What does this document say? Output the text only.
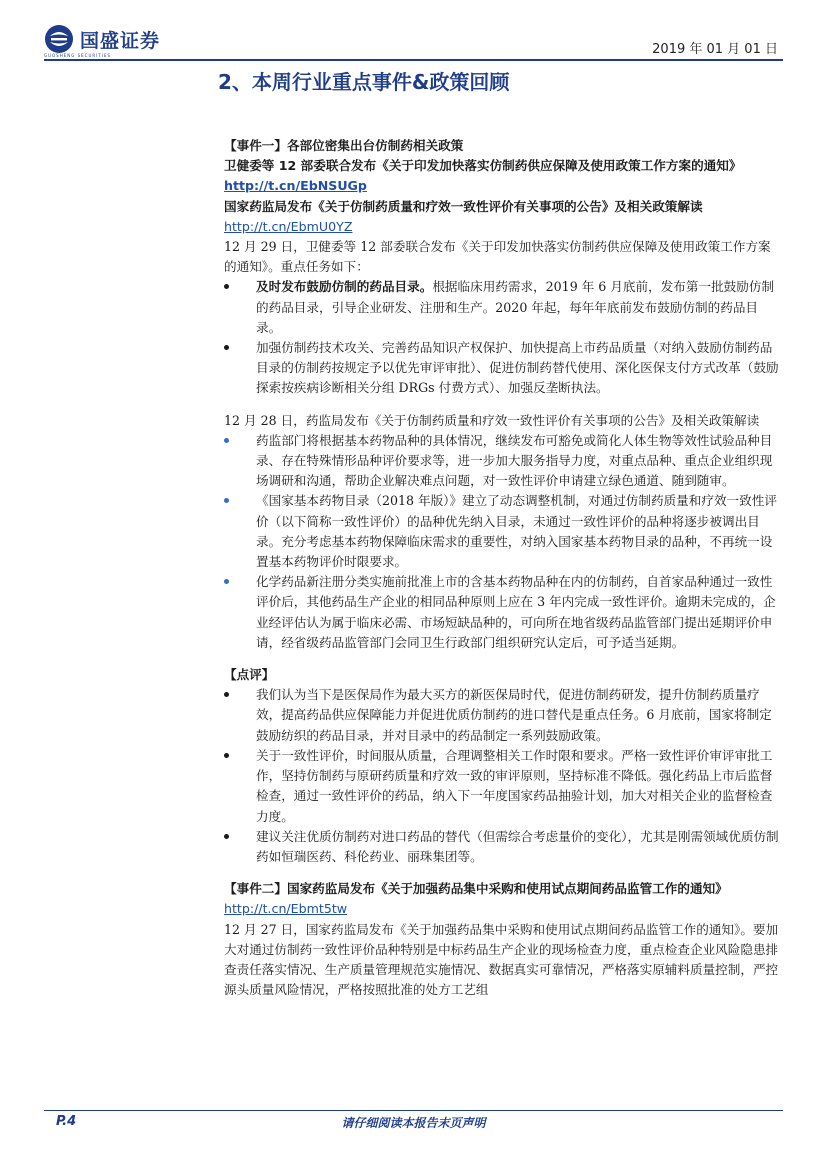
国盛证券
GUOSHENG SECURITIES	2019 年 01 月 01 日
2、本周行业重点事件&政策回顾

【事件一】各部位密集出台仿制药相关政策

卫健委等 12 部委联合发布《关于印发加快落实仿制药供应保障及使用政策工作方案的通知》http://t.cn/EbNSUGp

国家药监局发布《关于仿制药质量和疗效一致性评价有关事项的公告》及相关政策解读

http://t.cn/EbmU0YZ

12 月 29 日，卫健委等 12 部委联合发布《关于印发加快落实仿制药供应保障及使用政策工作方案的通知》。重点任务如下：

及时发布鼓励仿制的药品目录。根据临床用药需求，2019 年 6 月底前，发布第一批鼓励仿制的药品目录，引导企业研发、注册和生产。2020 年起，每年年底前发布鼓励仿制的药品目录。
加强仿制药技术攻关、完善药品知识产权保护、加快提高上市药品质量（对纳入鼓励仿制药品目录的仿制药按规定予以优先审评审批）、促进仿制药替代使用、深化医保支付方式改革（鼓励探索按疾病诊断相关分组 DRGs 付费方式）、加强反垄断执法。

12 月 28 日，药监局发布《关于仿制药质量和疗效一致性评价有关事项的公告》及相关政策解读

药监部门将根据基本药物品种的具体情况，继续发布可豁免或简化人体生物等效性试验品种目录、存在特殊情形品种评价要求等，进一步加大服务指导力度，对重点品种、重点企业组织现场调研和沟通，帮助企业解决难点问题，对一致性评价申请建立绿色通道、随到随审。
《国家基本药物目录（2018 年版）》建立了动态调整机制，对通过仿制药质量和疗效一致性评价（以下简称一致性评价）的品种优先纳入目录，未通过一致性评价的品种将逐步被调出目录。充分考虑基本药物保障临床需求的重要性，对纳入国家基本药物目录的品种，不再统一设置基本药物评价时限要求。
化学药品新注册分类实施前批准上市的含基本药物品种在内的仿制药，自首家品种通过一致性评价后，其他药品生产企业的相同品种原则上应在 3 年内完成一致性评价。逾期未完成的，企业经评估认为属于临床必需、市场短缺品种的，可向所在地省级药品监管部门提出延期评价申请，经省级药品监管部门会同卫生行政部门组织研究认定后，可予适当延期。

【点评】

我们认为当下是医保局作为最大买方的新医保局时代，促进仿制药研发，提升仿制药质量疗效，提高药品供应保障能力并促进优质仿制药的进口替代是重点任务。6 月底前，国家将制定鼓励纺织的药品目录，并对目录中的药品制定一系列鼓励政策。
关于一致性评价，时间服从质量，合理调整相关工作时限和要求。严格一致性评价审评审批工作，坚持仿制药与原研药质量和疗效一致的审评原则，坚持标准不降低。强化药品上市后监督检查，通过一致性评价的药品，纳入下一年度国家药品抽验计划，加大对相关企业的监督检查力度。
建议关注优质仿制药对进口药品的替代（但需综合考虑量价的变化），尤其是刚需领域优质仿制药如恒瑞医药、科伦药业、丽珠集团等。

【事件二】国家药监局发布《关于加强药品集中采购和使用试点期间药品监管工作的通知》

http://t.cn/Ebmt5tw

12 月 27 日，国家药监局发布《关于加强药品集中采购和使用试点期间药品监管工作的通知》。要加大对通过仿制药一致性评价品种特别是中标药品生产企业的现场检查力度，重点检查企业风险隐患排查责任落实情况、生产质量管理规范实施情况、数据真实可靠情况，严格落实原辅料质量控制，严控源头质量风险情况，严格按照批准的处方工艺组

P.4	请仔细阅读本报告末页声明
